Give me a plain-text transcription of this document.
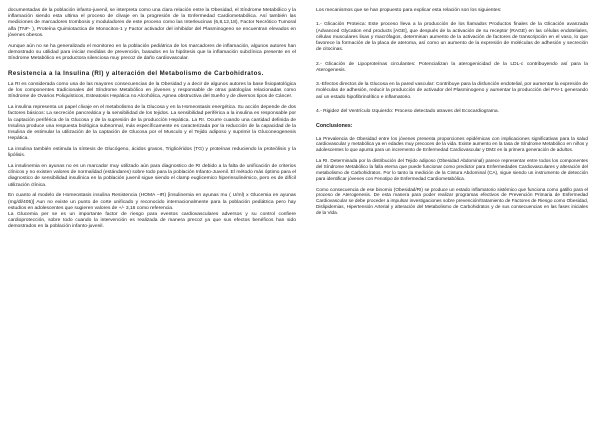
documentadas de la población infanto-juvenil, se interpreta como una clara relación entre la Obesidad, el Síndrome Metabólico y la inflamación siendo esta ultima el proceso de clivaje en la progresión de la Enfermedad Cardiometabólica. Así también las mediciones de marcadores trombosis y moduladores de este proceso como las Interleucinas (6,8,12,18), Factor Necrótico Tumoral alfa (TNF- ), Proteína Quimiotactica de Monocitos-1 y Factor activador del inhibidor del Plasminogeno se encuentran elevados en jóvenes obesos.

Aunque aún no se ha generalizado el monitoreo en la población pediátrica de los marcadores de inflamación, algunos autores han demostrado su utilidad para iniciar medidas de prevención, basados en la hipótesis que la inflamación subclínica presente en el Síndrome Metabólico es productora silenciosa muy precoz de daño cardiovascular.

Resistencia a la Insulina (RI) y alteración del Metabolismo de Carbohidratos.

La RI es considerada como una de las mayores consecuencias de la Obesidad y a decir de algunos autores la base fisiopatológica de los componentes tradicionales del Síndrome Metabólico en jóvenes y responsable de otras patologías relacionadas como Síndrome de Ovarios Poliquísticos, Esteatosis Hepática no Alcohólica, Apnea obstructiva del Sueño y de diversos tipos de Cáncer.

La insulina representa un papel clivaje en el metabolismo de la Glucosa y en la Homeostasis energética. Su acción depende de dos factores básicos: La secreción pancreática y la sensibilidad de los tejidos. La sensibilidad periférica a la insulina es responsable por la captación periférica de la Glucosa y de la supresión de la producción Hepática. La RI. Ocurre cuando una cantidad definida de Insulina produce una respuesta biológica subnormal, más específicamente es caracterizada por la reducción de la capacidad de la Insulina de estimular la utilización de la captación de Glucosa por el Musculo y el Tejido adiposo y suprimir la Gluconeogenesis Hepática.

La insulina también estimula la síntesis de Glucógeno, ácidos grasos, Triglicéridos (TG) y proteínas reduciendo la proteólisis y la lipólisis.

La insulinemia en ayunas no es un marcador muy utilizado aún para diagnostico de RI debido a la falta de unificación de criterios clínicos y no existen valores de normalidad (estándares) sobre todo para la población Infanto-Juvenil. El método más óptimo para el diagnostico de sensibilidad insulínica en la población juvenil sigue siendo el clamp euglicemico hiperinsulinémico, pero es de difícil utilización clínica.

En cuanto al modelo de Homeostasis insulina Resistencia (HOMA –IR) [insulinemia en ayunas mu ( U/ml) x Glucemia en ayunas (mg/dl/405)] Aun no existe un punto de corte unificado y reconocido internacionalmente para la población pediátrica pero hay estudios en adolescentes que sugieren valores de +/- 3,16 como referencia.

La Glucemia per se es un importante factor de riesgo para eventos cardiovasculares adversos y su control confiere cardioprotección, sobre todo cuando la intervención es realizada de manera precoz ya que sus efectos benéficos han sido demostrados en la población infanto-juvenil.

Los mecanismos que se han propuesto para explicar esta relación son los siguientes:

1.- Glicación Proteica: Este proceso lleva a la producción de los llamados Productos finales de la Glicación avanzada (Advanced Glycation end products [AGE], que después de la activación de su receptor (RAGE) en las células endoteliales, células musculares lisas y macrófagos, determinan aumento de la activación de factores de transcripción en el vaso, lo que favorece la formación de la placa de ateroma, así como un aumento de la expresión de moléculas de adhesión y secreción de citocinas.

2.- Glicación de Lipoproteínas circulantes: Potencializan la aterogenicidad de la LDL-c contribuyendo así para la Aterogenesis.

3.-Efectos directos de la Glucosa en la pared vascular: Contribuye para la disfunción endotelial, por aumentar la expresión de moléculas de adhesión, reducir la producción de activador del Plasminogeno y aumentar la producción del PAI-1 generando así un estado hipofibrinolítico e inflamatorio.

4.- Rigidez del Ventrículo Izquierdo: Proceso detectado atraves del Ecocardiograma.

Conclusiones:

La Prevalencia de Obesidad entre los jóvenes presenta proporciones epidémicas con implicaciones significativas para la salud cardiovascular y metabólica ya en edades muy precoces de la vida. Existe aumento en la tasa de Síndrome Metabólico en niños y adolescentes lo que apunta para un incremento de Enfermedad Cardiovascular y DM2 en la primera generación de adultos.

La RI. Determinada por la distribución del Tejido adiposo (Obesidad Abdominal) parece representar entre todos los componentes del Síndrome Metabólico la falla eterna que puede funcionar como predictor para Enfermedades Cardiovasculares y alteración del metabolismo de Carbohidratos. Por lo tanto la medición de la Cintura Abdominal (CA), sigue siendo un instrumento de detección para identificar jóvenes con Fenotipo de Enfermedad Cardiometabólica.

Como consecuencia de ese binomio (Obesidad/RI) se produce un estado inflamatorio sistémico que funciona como gatillo para el proceso de Aterogenesis. De esta manera para poder realizar programas efectivos de Prevención Primaria de Enfermedad Cardiovascular se debe proceder a impulsar investigaciones sobre prevención/tratamiento de Factores de Riesgo como Obesidad, Dislipidemias, Hipertensión Arterial y alteración del Metabolismo de Carbohidratos y de sus consecuencias en las fases iniciales de la Vida.
